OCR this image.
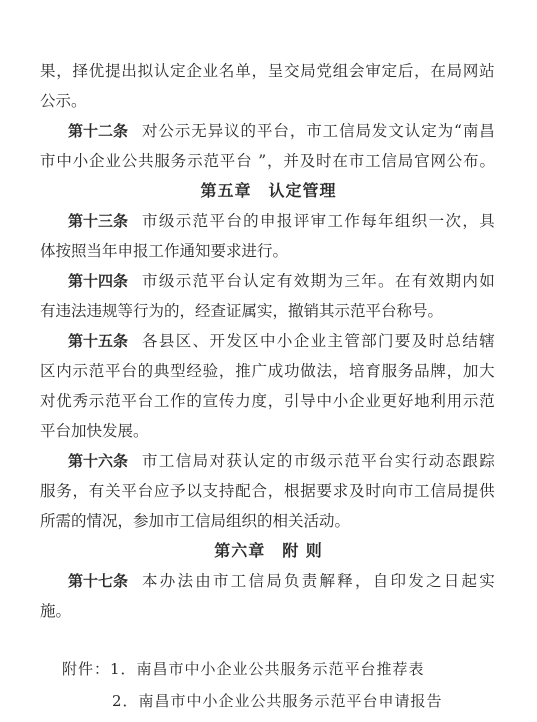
果 ， 择 优 提 出 拟 认 定 企 业 名 单 ， 呈 交 局 党 组 会 审 定 后 ， 在 局 网 站
公示。
第十二条 对 公 示 无 异 议 的 平 台 ， 市 工 信 局 发 文 认 定 为 “ 南 昌
市 中 小 企 业 公 共 服 务 示 范 平 台
” ， 并 及 时 在 市 工 信 局 官 网 公 布 。
第五章　认定管理
第十三条 市 级 示 范 平 台 的 申 报 评 审 工 作 每 年 组 织 一 次 ， 具
体按照当年申报工作通知要求进行。
第十四条 市 级 示 范 平 台 认 定 有 效 期 为 三 年 。 在 有 效 期 内 如
有违法违规等行为的，经查证属实，撤销其示范平台称号。
第十五条 各 县 区 、 开 发 区 中 小 企 业 主 管 部 门 要 及 时 总 结 辖
区 内 示 范 平 台 的 典 型 经 验 ， 推 广 成 功 做 法 ， 培 育 服 务 品 牌 ， 加 大
对 优 秀 示 范 平 台 工 作 的 宣 传 力 度 ， 引 导 中 小 企 业 更 好 地 利 用 示 范
平台加快发展。
第十六条 市 工 信 局 对 获 认 定 的 市 级 示 范 平 台 实 行 动 态 跟 踪
服 务 ， 有 关 平 台 应 予 以 支 持 配 合 ， 根 据 要 求 及 时 向 市 工 信 局 提 供
所需的情况，参加市工信局组织的相关活动。
第六章　附 则
第十七条 本 办 法 由 市 工 信 局 负 责 解 释 ， 自 印 发 之 日 起 实
施。
附件：1．南昌市中小企业公共服务示范平台推荐表
2．南昌市中小企业公共服务示范平台申请报告
